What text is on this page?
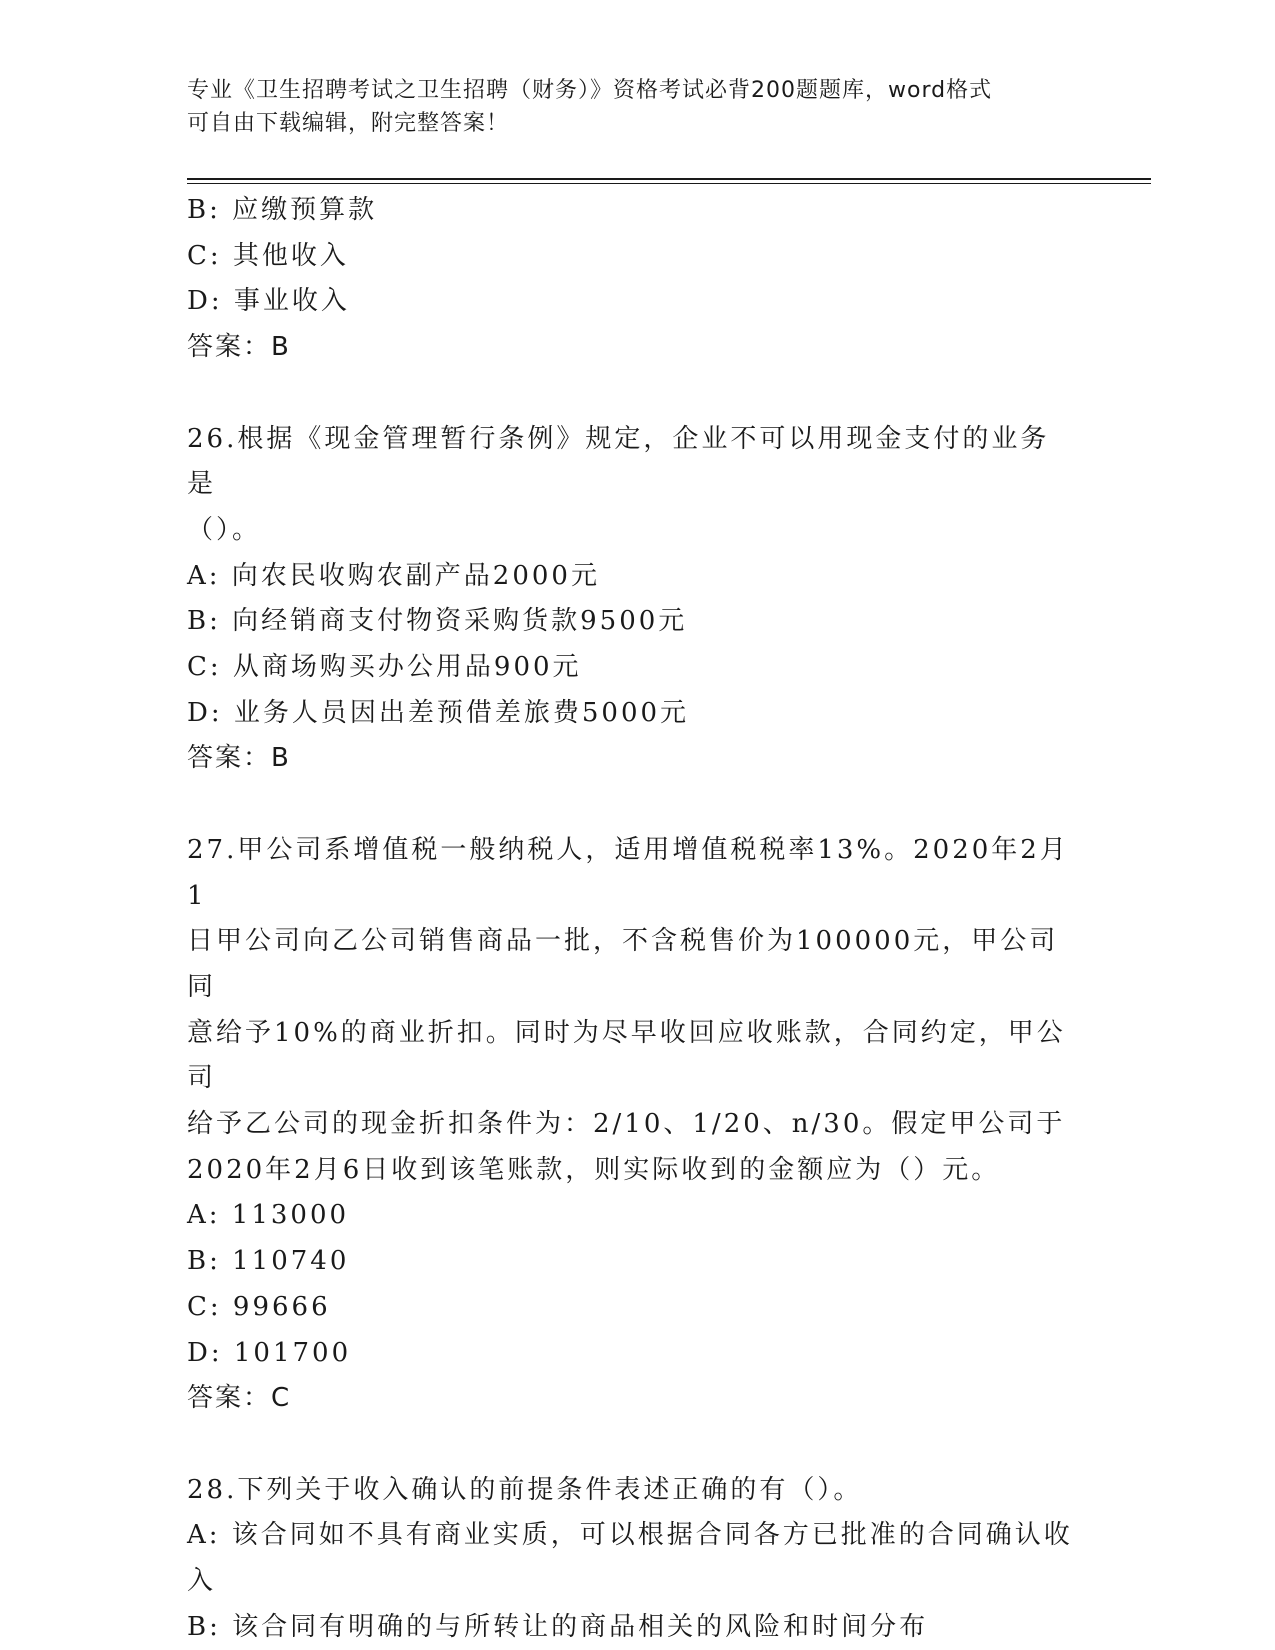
专业《卫生招聘考试之卫生招聘（财务）》资格考试必背200题题库，word格式
可自由下载编辑，附完整答案！

B: 应缴预算款

C: 其他收入

D: 事业收入

答案：B

26.根据《现金管理暂行条例》规定，企业不可以用现金支付的业务是

（）。

A: 向农民收购农副产品2000元

B: 向经销商支付物资采购货款9500元

C: 从商场购买办公用品900元

D: 业务人员因出差预借差旅费5000元

答案：B

27.甲公司系增值税一般纳税人，适用增值税税率13%。2020年2月1

日甲公司向乙公司销售商品一批，不含税售价为100000元，甲公司同

意给予10%的商业折扣。同时为尽早收回应收账款，合同约定，甲公司

给予乙公司的现金折扣条件为：2/10、1/20、n/30。假定甲公司于

2020年2月6日收到该笔账款，则实际收到的金额应为（）元。

A: 113000

B: 110740

C: 99666

D: 101700

答案：C

28.下列关于收入确认的前提条件表述正确的有（）。

A: 该合同如不具有商业实质，可以根据合同各方已批准的合同确认收

入

B: 该合同有明确的与所转让的商品相关的风险和时间分布
